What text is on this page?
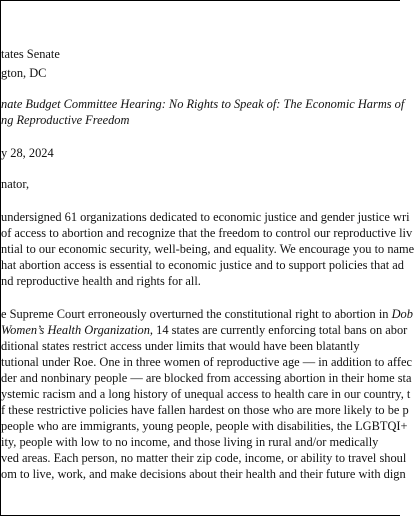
tates Senate
gton, DC
nate Budget Committee Hearing: No Rights to Speak of: The Economic Harms of
ng Reproductive Freedom
y 28, 2024
nator,
undersigned 61 organizations dedicated to economic justice and gender justice wri
of access to abortion and recognize that the freedom to control our reproductive liv
ntial to our economic security, well-being, and equality. We encourage you to name
hat abortion access is essential to economic justice and to support policies that ad
nd reproductive health and rights for all.
e Supreme Court erroneously overturned the constitutional right to abortion in Dob
Women’s Health Organization, 14 states are currently enforcing total bans on abor
ditional states restrict access under limits that would have been blatantly
tutional under Roe. One in three women of reproductive age — in addition to affec
der and nonbinary people — are blocked from accessing abortion in their home sta
ystemic racism and a long history of unequal access to health care in our country, t
f these restrictive policies have fallen hardest on those who are more likely to be p
people who are immigrants, young people, people with disabilities, the LGBTQI+
ity, people with low to no income, and those living in rural and/or medically
ved areas. Each person, no matter their zip code, income, or ability to travel shoul
om to live, work, and make decisions about their health and their future with dign
